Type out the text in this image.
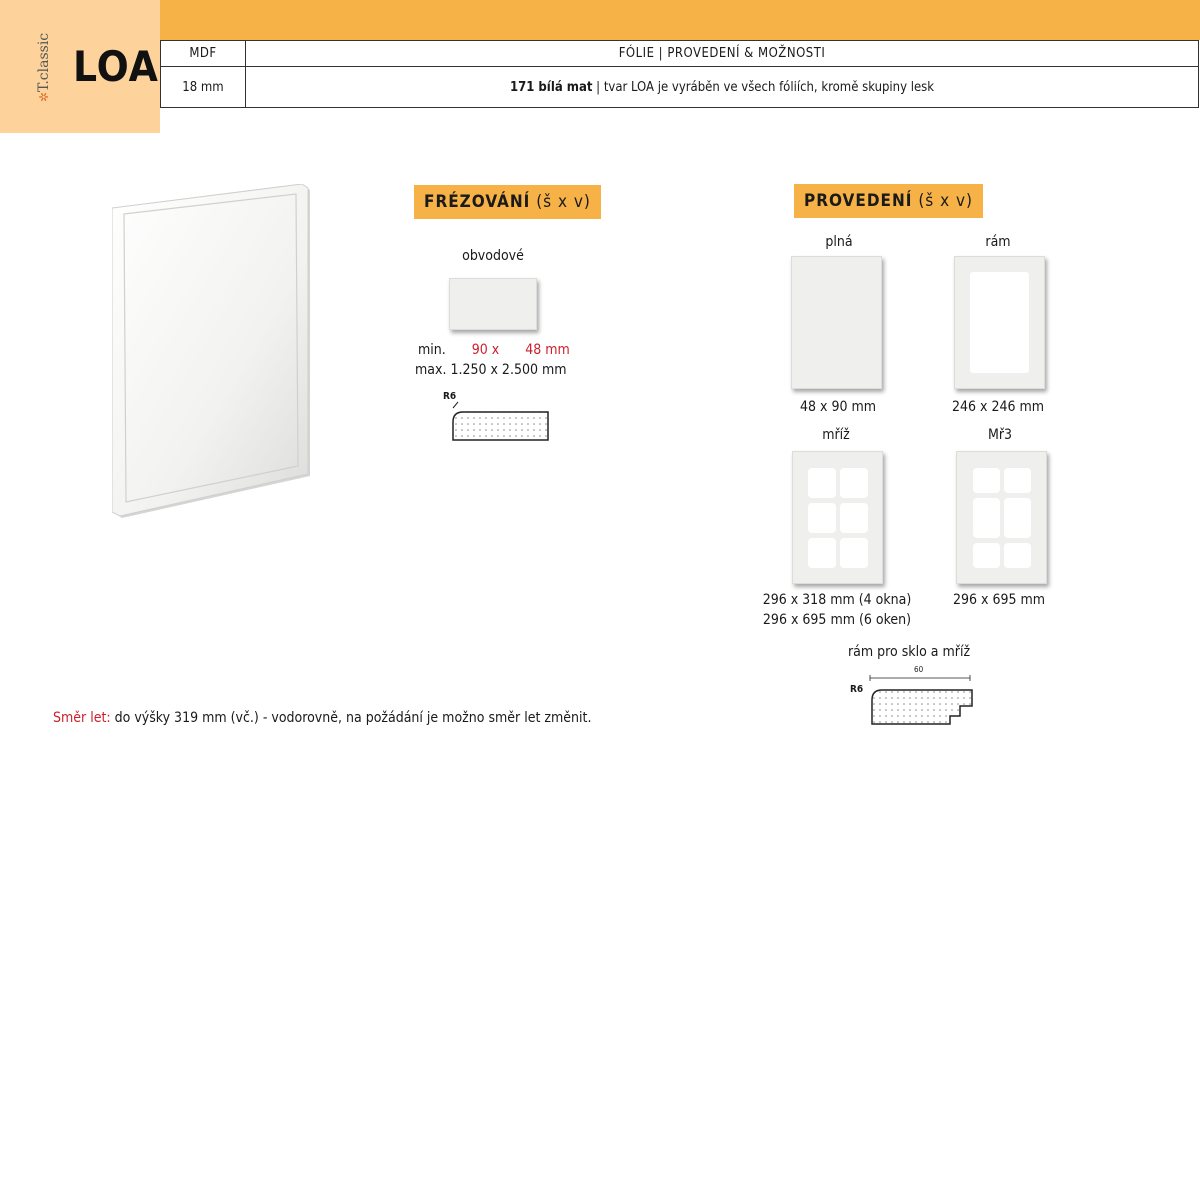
✲T.classic LOA MDF	FÓLIE | PROVEDENÍ & MOŽNOSTI
18 mm	171 bílá mat | tvar LOA je vyráběn ve všech fóliích, kromě skupiny lesk
FRÉZOVÁNÍ (š x v)
obvodové
min. 90 x 48 mm
max. 1.250 x 2.500 mm
R6
PROVEDENÍ (š x v)
plná
48 x 90 mm
rám
246 x 246 mm
mříž
296 x 318 mm (4 okna)
296 x 695 mm (6 oken)
Mř3
296 x 695 mm
rám pro sklo a mříž
R6
60
Směr let: do výšky 319 mm (vč.) - vodorovně, na požádání je možno směr let změnit.
